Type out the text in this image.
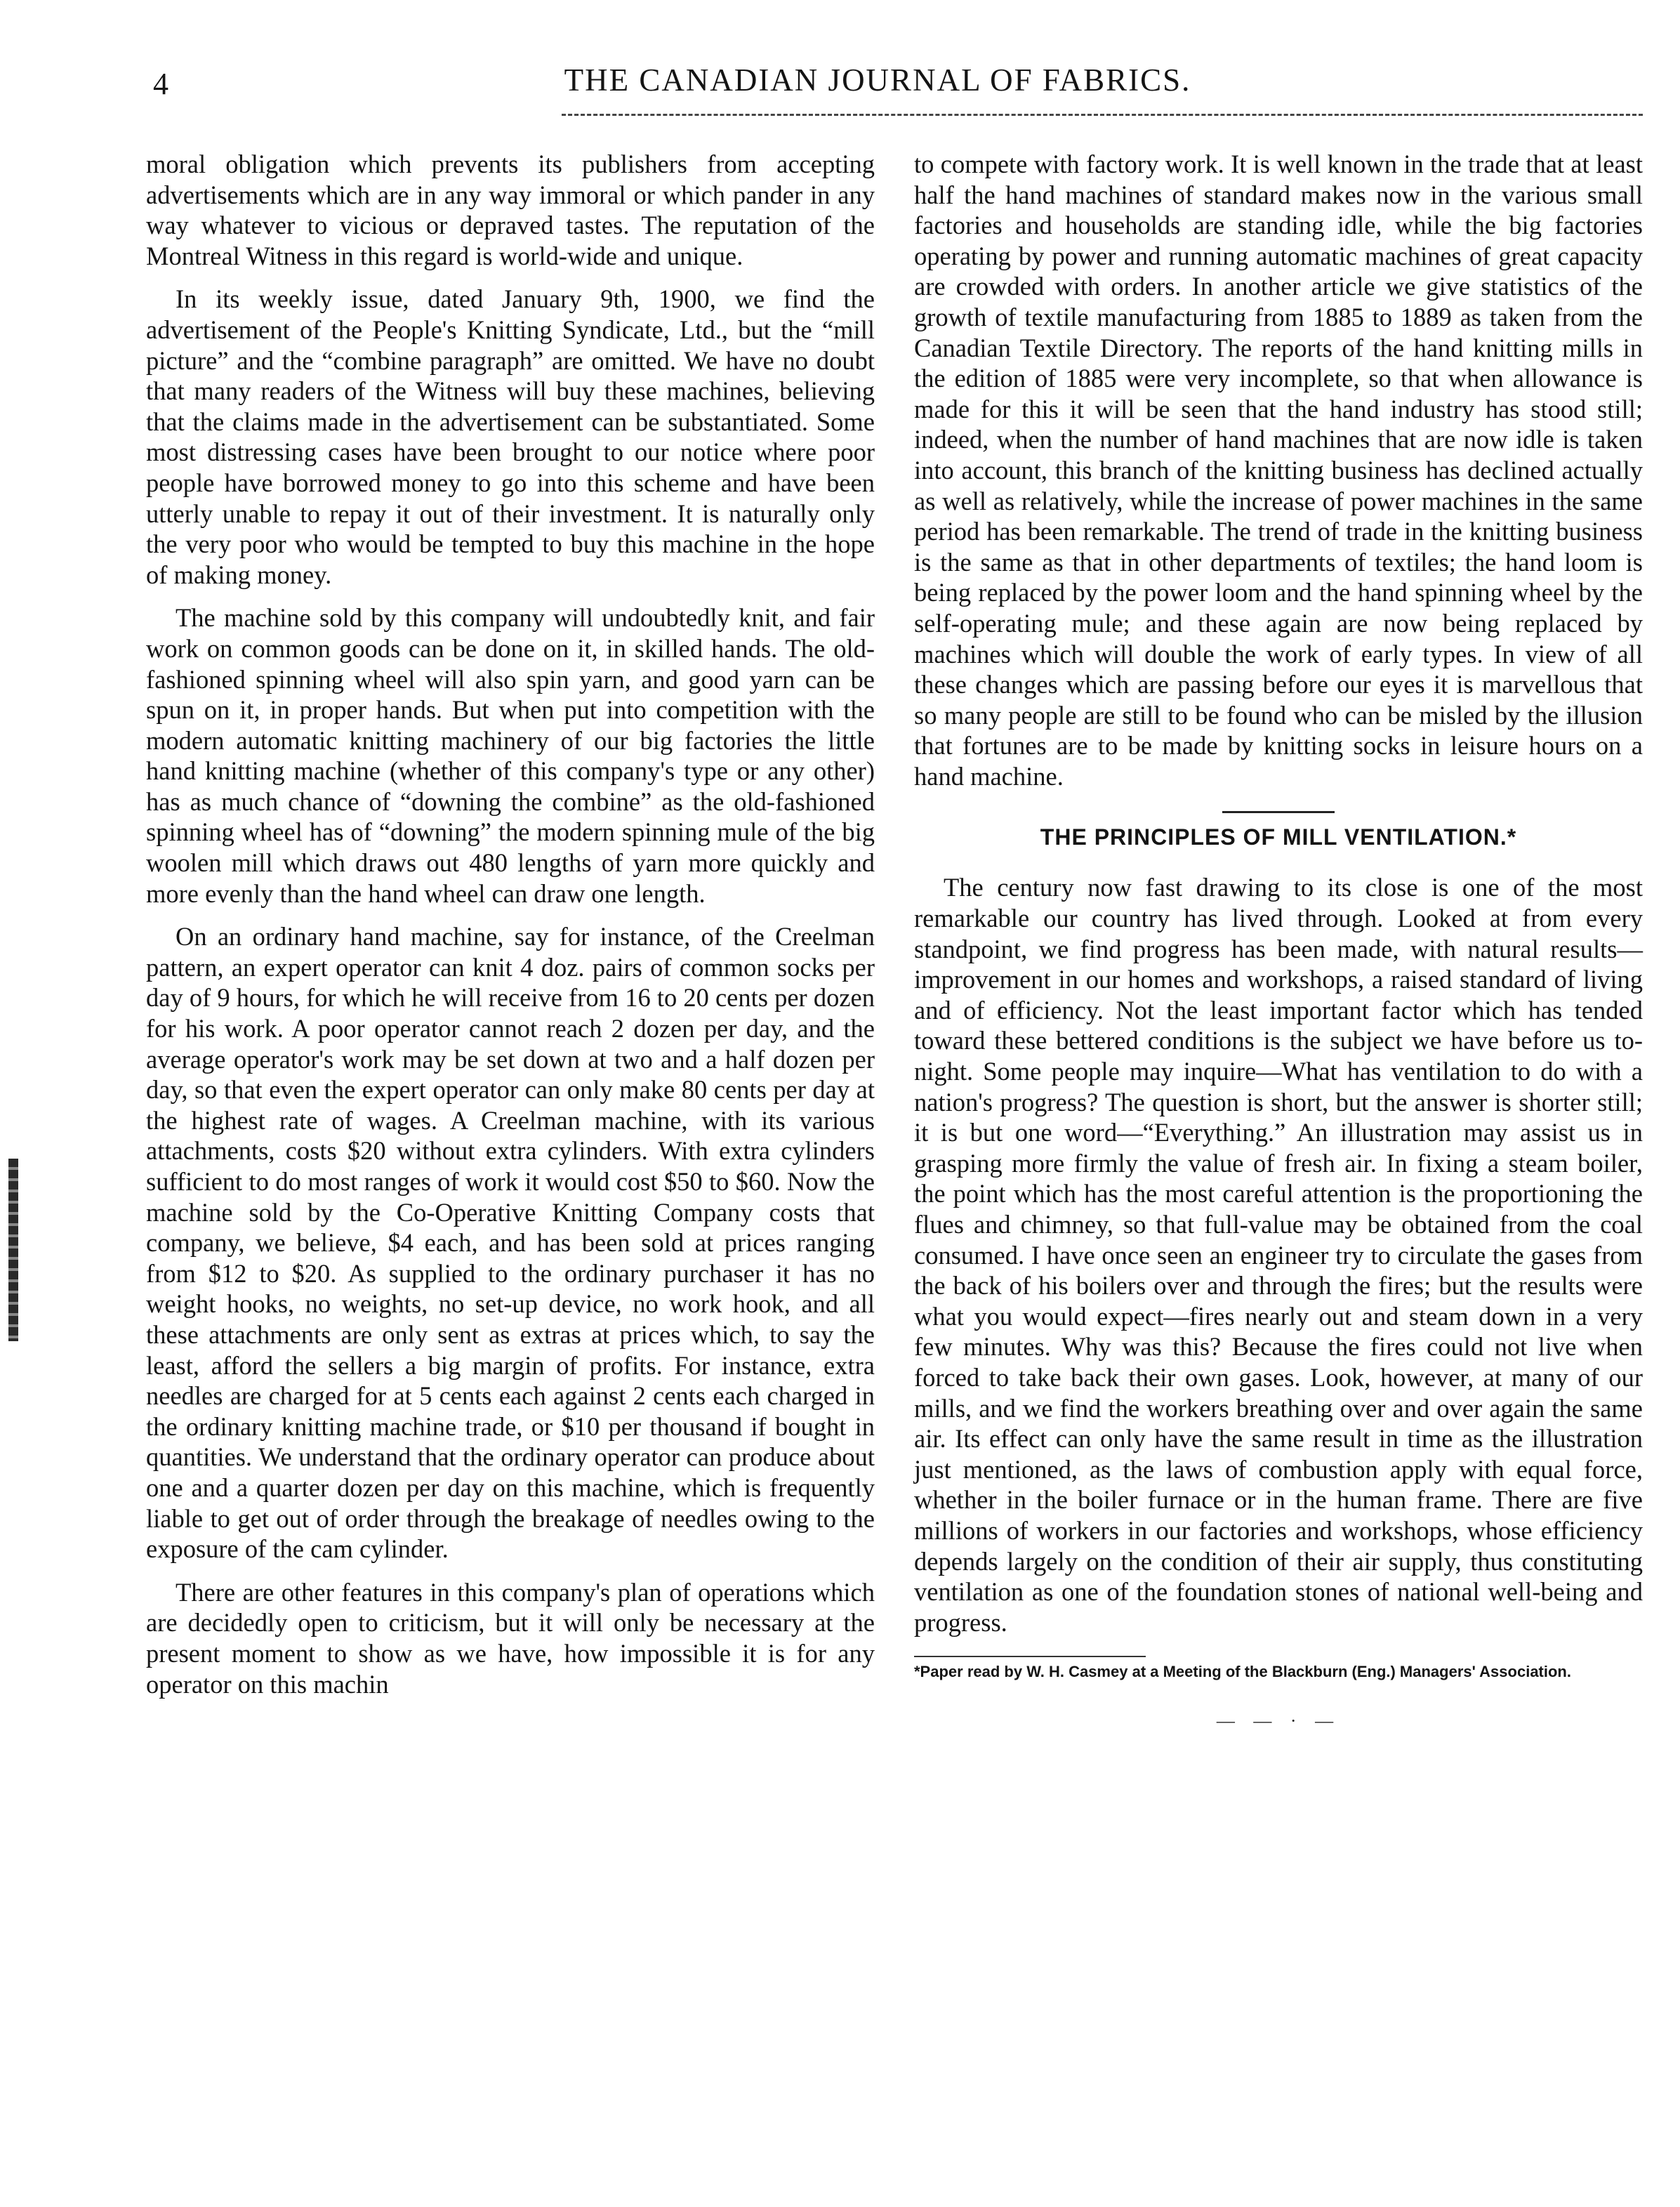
4	THE CANADIAN JOURNAL OF FABRICS.

moral obligation which prevents its publishers from accepting advertisements which are in any way immoral or which pander in any way whatever to vicious or depraved tastes. The reputation of the Montreal Witness in this regard is world-wide and unique.

In its weekly issue, dated January 9th, 1900, we find the advertisement of the People's Knitting Syndicate, Ltd., but the “mill picture” and the “combine paragraph” are omitted. We have no doubt that many readers of the Witness will buy these machines, believing that the claims made in the advertisement can be substantiated. Some most distressing cases have been brought to our notice where poor people have borrowed money to go into this scheme and have been utterly unable to repay it out of their investment. It is naturally only the very poor who would be tempted to buy this machine in the hope of making money.

The machine sold by this company will undoubtedly knit, and fair work on common goods can be done on it, in skilled hands. The old-fashioned spinning wheel will also spin yarn, and good yarn can be spun on it, in proper hands. But when put into competition with the modern automatic knitting machinery of our big factories the little hand knitting machine (whether of this company's type or any other) has as much chance of “downing the combine” as the old-fashioned spinning wheel has of “downing” the modern spinning mule of the big woolen mill which draws out 480 lengths of yarn more quickly and more evenly than the hand wheel can draw one length.

On an ordinary hand machine, say for instance, of the Creelman pattern, an expert operator can knit 4 doz. pairs of common socks per day of 9 hours, for which he will receive from 16 to 20 cents per dozen for his work. A poor operator cannot reach 2 dozen per day, and the average operator's work may be set down at two and a half dozen per day, so that even the expert operator can only make 80 cents per day at the highest rate of wages. A Creelman machine, with its various attachments, costs $20 without extra cylinders. With extra cylinders sufficient to do most ranges of work it would cost $50 to $60. Now the machine sold by the Co-Operative Knitting Company costs that company, we believe, $4 each, and has been sold at prices ranging from $12 to $20. As supplied to the ordinary purchaser it has no weight hooks, no weights, no set-up device, no work hook, and all these attachments are only sent as extras at prices which, to say the least, afford the sellers a big margin of profits. For instance, extra needles are charged for at 5 cents each against 2 cents each charged in the ordinary knitting machine trade, or $10 per thousand if bought in quantities. We understand that the ordinary operator can produce about one and a quarter dozen per day on this machine, which is frequently liable to get out of order through the breakage of needles owing to the exposure of the cam cylinder.

There are other features in this company's plan of operations which are decidedly open to criticism, but it will only be necessary at the present moment to show as we have, how impossible it is for any operator on this machin

to compete with factory work. It is well known in the trade that at least half the hand machines of standard makes now in the various small factories and households are standing idle, while the big factories operating by power and running automatic machines of great capacity are crowded with orders. In another article we give statistics of the growth of textile manufacturing from 1885 to 1889 as taken from the Canadian Textile Directory. The reports of the hand knitting mills in the edition of 1885 were very incomplete, so that when allowance is made for this it will be seen that the hand industry has stood still; indeed, when the number of hand machines that are now idle is taken into account, this branch of the knitting business has declined actually as well as relatively, while the increase of power machines in the same period has been remarkable. The trend of trade in the knitting business is the same as that in other departments of textiles; the hand loom is being replaced by the power loom and the hand spinning wheel by the self-operating mule; and these again are now being replaced by machines which will double the work of early types. In view of all these changes which are passing before our eyes it is marvellous that so many people are still to be found who can be misled by the illusion that fortunes are to be made by knitting socks in leisure hours on a hand machine.

THE PRINCIPLES OF MILL VENTILATION.*

The century now fast drawing to its close is one of the most remarkable our country has lived through. Looked at from every standpoint, we find progress has been made, with natural results—improvement in our homes and workshops, a raised standard of living and of efficiency. Not the least important factor which has tended toward these bettered conditions is the subject we have before us to-night. Some people may inquire—What has ventilation to do with a nation's progress? The question is short, but the answer is shorter still; it is but one word—“Everything.” An illustration may assist us in grasping more firmly the value of fresh air. In fixing a steam boiler, the point which has the most careful attention is the proportioning the flues and chimney, so that full-value may be obtained from the coal consumed. I have once seen an engineer try to circulate the gases from the back of his boilers over and through the fires; but the results were what you would expect—fires nearly out and steam down in a very few minutes. Why was this? Because the fires could not live when forced to take back their own gases. Look, however, at many of our mills, and we find the workers breathing over and over again the same air. Its effect can only have the same result in time as the illustration just mentioned, as the laws of combustion apply with equal force, whether in the boiler furnace or in the human frame. There are five millions of workers in our factories and workshops, whose efficiency depends largely on the condition of their air supply, thus constituting ventilation as one of the foundation stones of national well-being and progress.

*Paper read by W. H. Casmey at a Meeting of the Blackburn (Eng.) Managers' Association.
— — · —
